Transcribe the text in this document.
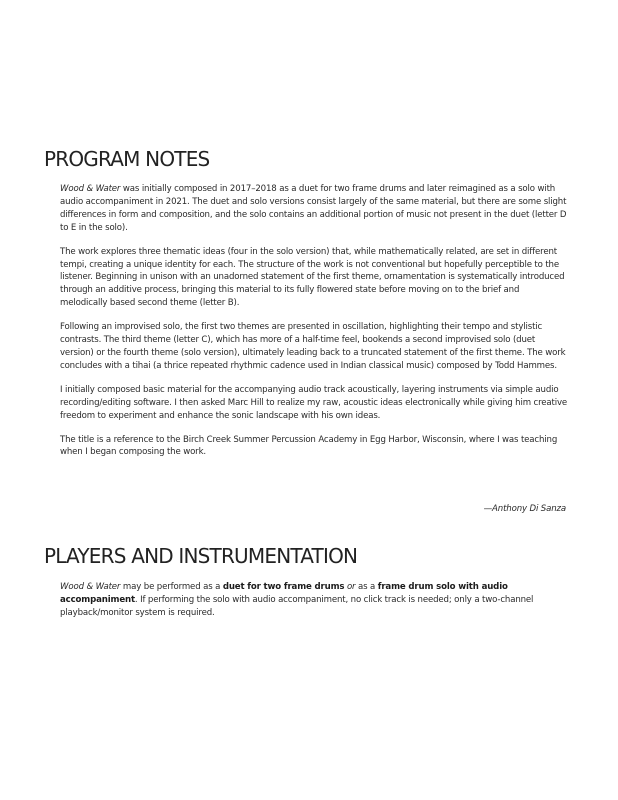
PROGRAM NOTES

Wood & Water was initially composed in 2017–2018 as a duet for two frame drums and later reimagined as a solo with audio accompaniment in 2021. The duet and solo versions consist largely of the same material, but there are some slight differences in form and composition, and the solo contains an additional portion of music not present in the duet (letter D to E in the solo).

The work explores three thematic ideas (four in the solo version) that, while mathematically related, are set in different tempi, creating a unique identity for each. The structure of the work is not conventional but hopefully perceptible to the listener. Beginning in unison with an unadorned statement of the first theme, ornamentation is systematically introduced through an additive process, bringing this material to its fully flowered state before moving on to the brief and melodically based second theme (letter B).

Following an improvised solo, the first two themes are presented in oscillation, highlighting their tempo and stylistic contrasts. The third theme (letter C), which has more of a half-time feel, bookends a second improvised solo (duet version) or the fourth theme (solo version), ultimately leading back to a truncated statement of the first theme. The work concludes with a tihai (a thrice repeated rhythmic cadence used in Indian classical music) composed by Todd Hammes.

I initially composed basic material for the accompanying audio track acoustically, layering instruments via simple audio recording/editing software. I then asked Marc Hill to realize my raw, acoustic ideas electronically while giving him creative freedom to experiment and enhance the sonic landscape with his own ideas.

The title is a reference to the Birch Creek Summer Percussion Academy in Egg Harbor, Wisconsin, where I was teaching when I began composing the work.

—Anthony Di Sanza
PLAYERS AND INSTRUMENTATION

Wood & Water may be performed as a duet for two frame drums or as a frame drum solo with audio accompaniment. If performing the solo with audio accompaniment, no click track is needed; only a two-channel playback/monitor system is required.
